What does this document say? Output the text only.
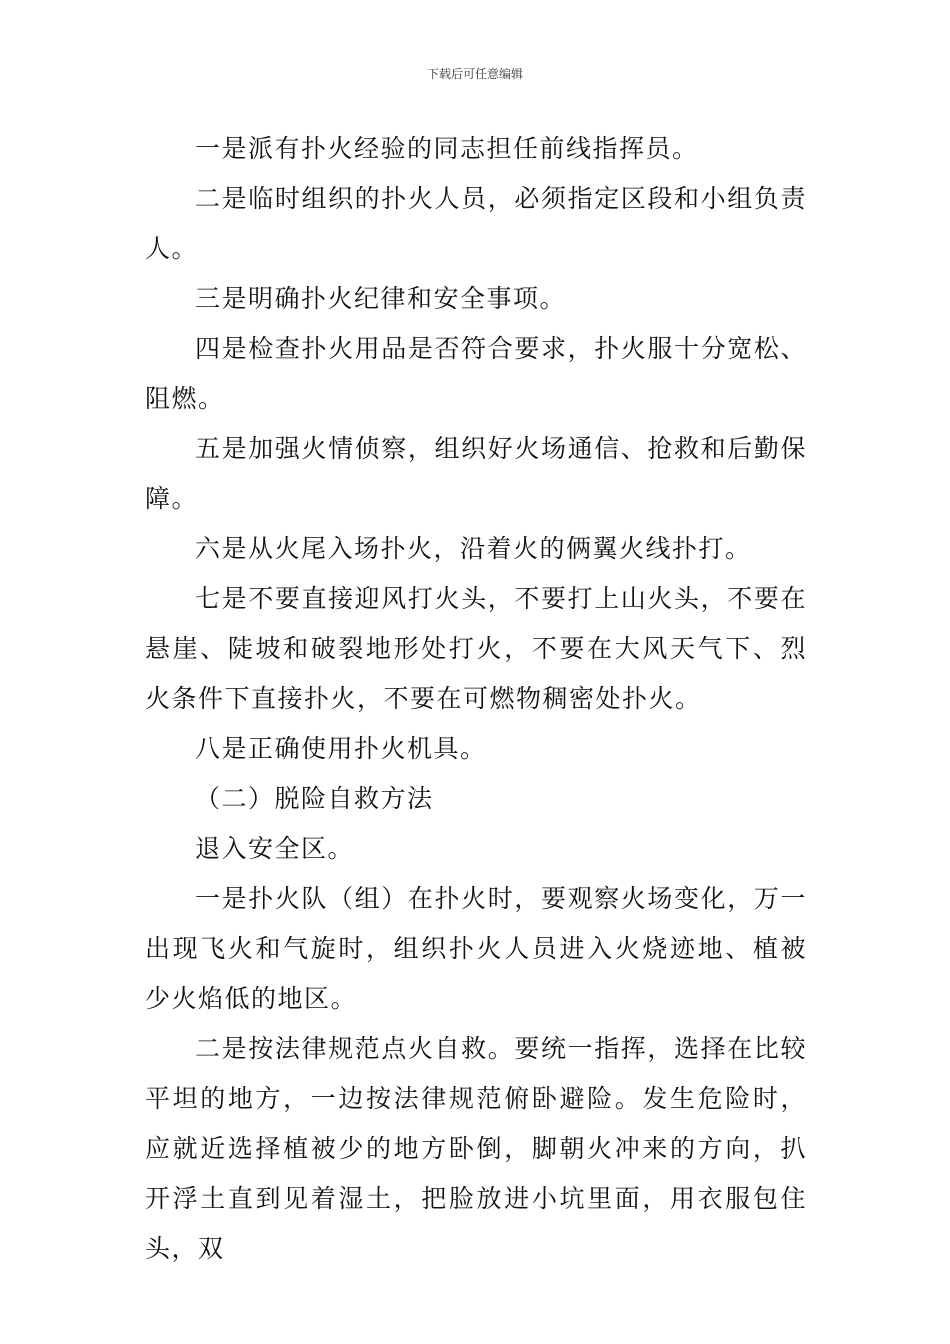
下载后可任意编辑

一是派有扑火经验的同志担任前线指挥员。

二是临时组织的扑火人员，必须指定区段和小组负责人。

三是明确扑火纪律和安全事项。

四是检查扑火用品是否符合要求，扑火服十分宽松、阻燃。

五是加强火情侦察，组织好火场通信、抢救和后勤保障。

六是从火尾入场扑火，沿着火的俩翼火线扑打。

七是不要直接迎风打火头，不要打上山火头，不要在悬崖、陡坡和破裂地形处打火，不要在大风天气下、烈火条件下直接扑火，不要在可燃物稠密处扑火。

八是正确使用扑火机具。

（二）脱险自救方法

退入安全区。

一是扑火队（组）在扑火时，要观察火场变化，万一出现飞火和气旋时，组织扑火人员进入火烧迹地、植被少火焰低的地区。

二是按法律规范点火自救。要统一指挥，选择在比较平坦的地方，一边按法律规范俯卧避险。发生危险时，应就近选择植被少的地方卧倒，脚朝火冲来的方向，扒开浮土直到见着湿土，把脸放进小坑里面，用衣服包住头，双
